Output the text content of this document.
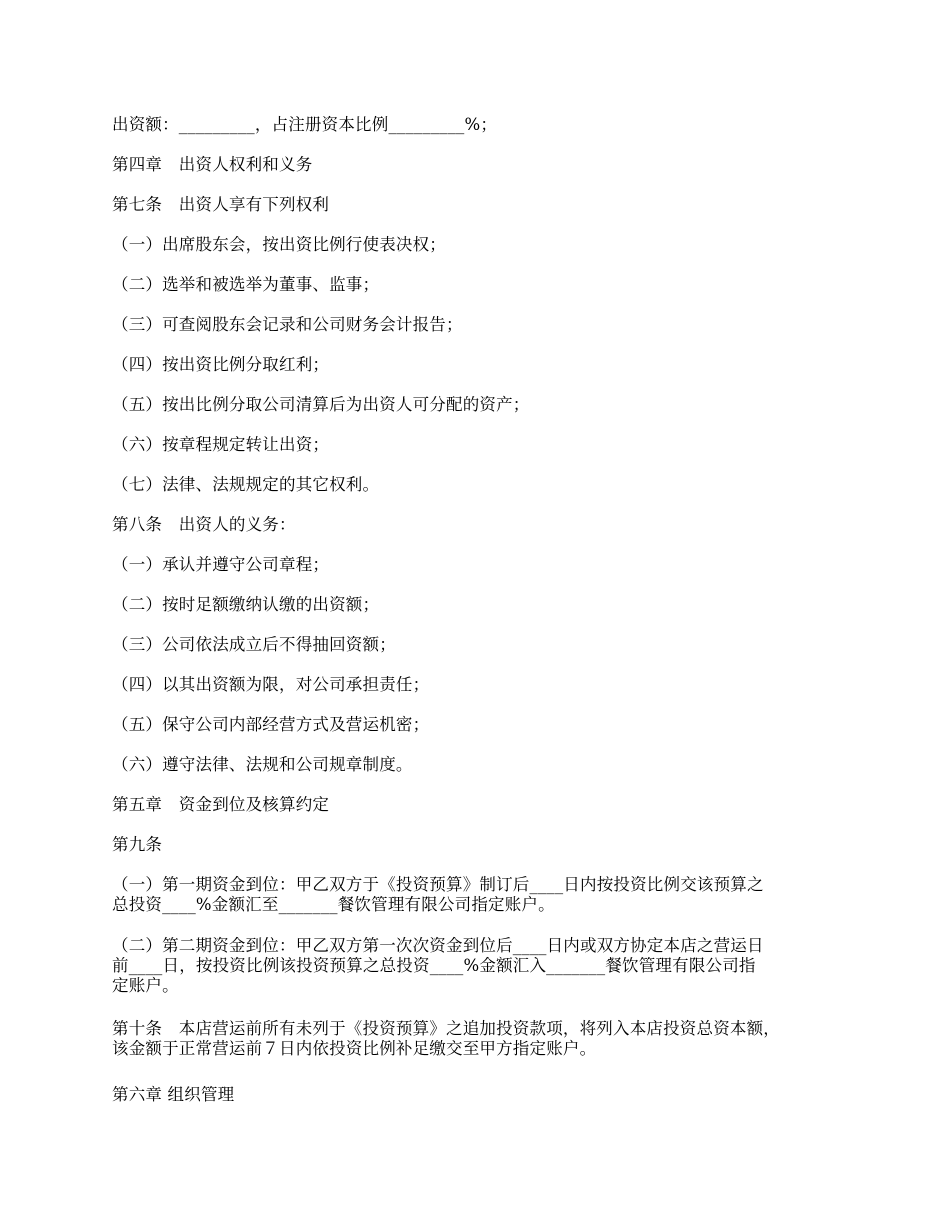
出资额：_________，占注册资本比例_________%；
第四章　出资人权利和义务
第七条　出资人享有下列权利
（一）出席股东会，按出资比例行使表决权；
（二）选举和被选举为董事、监事；
（三）可查阅股东会记录和公司财务会计报告；
（四）按出资比例分取红利；
（五）按出比例分取公司清算后为出资人可分配的资产；
（六）按章程规定转让出资；
（七）法律、法规规定的其它权利。
第八条　出资人的义务：
（一）承认并遵守公司章程；
（二）按时足额缴纳认缴的出资额；
（三）公司依法成立后不得抽回资额；
（四）以其出资额为限，对公司承担责任；
（五）保守公司内部经营方式及营运机密；
（六）遵守法律、法规和公司规章制度。
第五章　资金到位及核算约定
第九条
（一）第一期资金到位：甲乙双方于《投资预算》制订后____日内按投资比例交该预算之
总投资____%金额汇至_______餐饮管理有限公司指定账户。
（二）第二期资金到位：甲乙双方第一次次资金到位后____日内或双方协定本店之营运日
前____日，按投资比例该投资预算之总投资____%金额汇入_______餐饮管理有限公司指
定账户。
第十条　本店营运前所有未列于《投资预算》之追加投资款项，将列入本店投资总资本额，
该金额于正常营运前７日内依投资比例补足缴交至甲方指定账户。
第六章 组织管理
